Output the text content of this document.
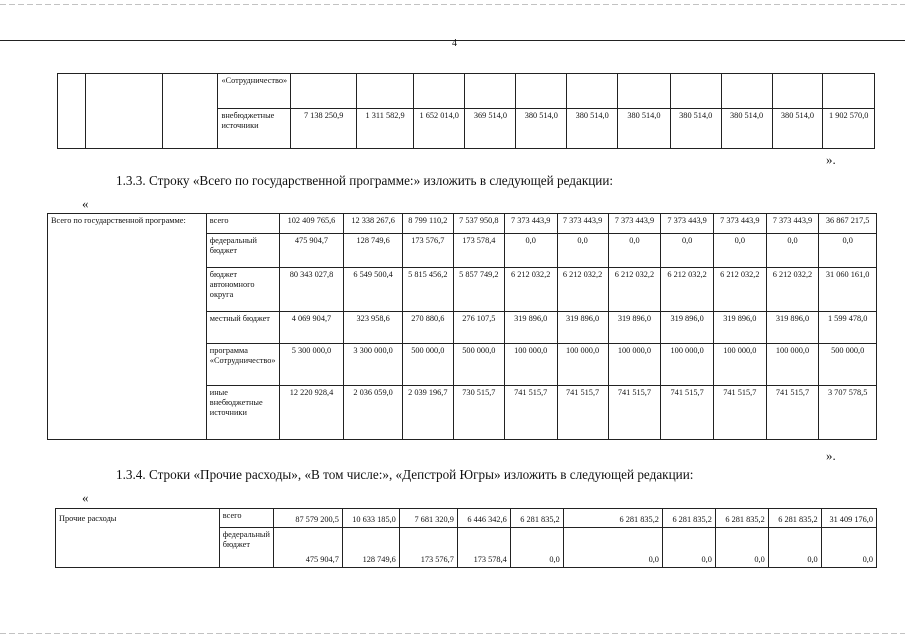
4
			«Сотрудничество»											
			внебюджетные источники	7 138 250,9	1 311 582,9	1 652 014,0	369 514,0	380 514,0	380 514,0	380 514,0	380 514,0	380 514,0	380 514,0	1 902 570,0
».
1.3.3. Строку «Всего по государственной программе:» изложить в следующей редакции:
«
Всего по государственной программе:	всего	102 409 765,6	12 338 267,6	8 799 110,2	7 537 950,8	7 373 443,9	7 373 443,9	7 373 443,9	7 373 443,9	7 373 443,9	7 373 443,9	36 867 217,5
	федеральный бюджет	475 904,7	128 749,6	173 576,7	173 578,4	0,0	0,0	0,0	0,0	0,0	0,0	0,0
	бюджет автономного округа	80 343 027,8	6 549 500,4	5 815 456,2	5 857 749,2	6 212 032,2	6 212 032,2	6 212 032,2	6 212 032,2	6 212 032,2	6 212 032,2	31 060 161,0
	местный бюджет	4 069 904,7	323 958,6	270 880,6	276 107,5	319 896,0	319 896,0	319 896,0	319 896,0	319 896,0	319 896,0	1 599 478,0
	программа «Сотрудничество»	5 300 000,0	3 300 000,0	500 000,0	500 000,0	100 000,0	100 000,0	100 000,0	100 000,0	100 000,0	100 000,0	500 000,0
	иные внебюджетные источники	12 220 928,4	2 036 059,0	2 039 196,7	730 515,7	741 515,7	741 515,7	741 515,7	741 515,7	741 515,7	741 515,7	3 707 578,5
».
1.3.4. Строки «Прочие расходы», «В том числе:», «Депстрой Югры» изложить в следующей редакции:
«
Прочие расходы	всего	87 579 200,5	10 633 185,0	7 681 320,9	6 446 342,6	6 281 835,2	6 281 835,2	6 281 835,2	6 281 835,2	6 281 835,2	31 409 176,0
	федеральный бюджет	475 904,7	128 749,6	173 576,7	173 578,4	0,0	0,0	0,0	0,0	0,0	0,0
